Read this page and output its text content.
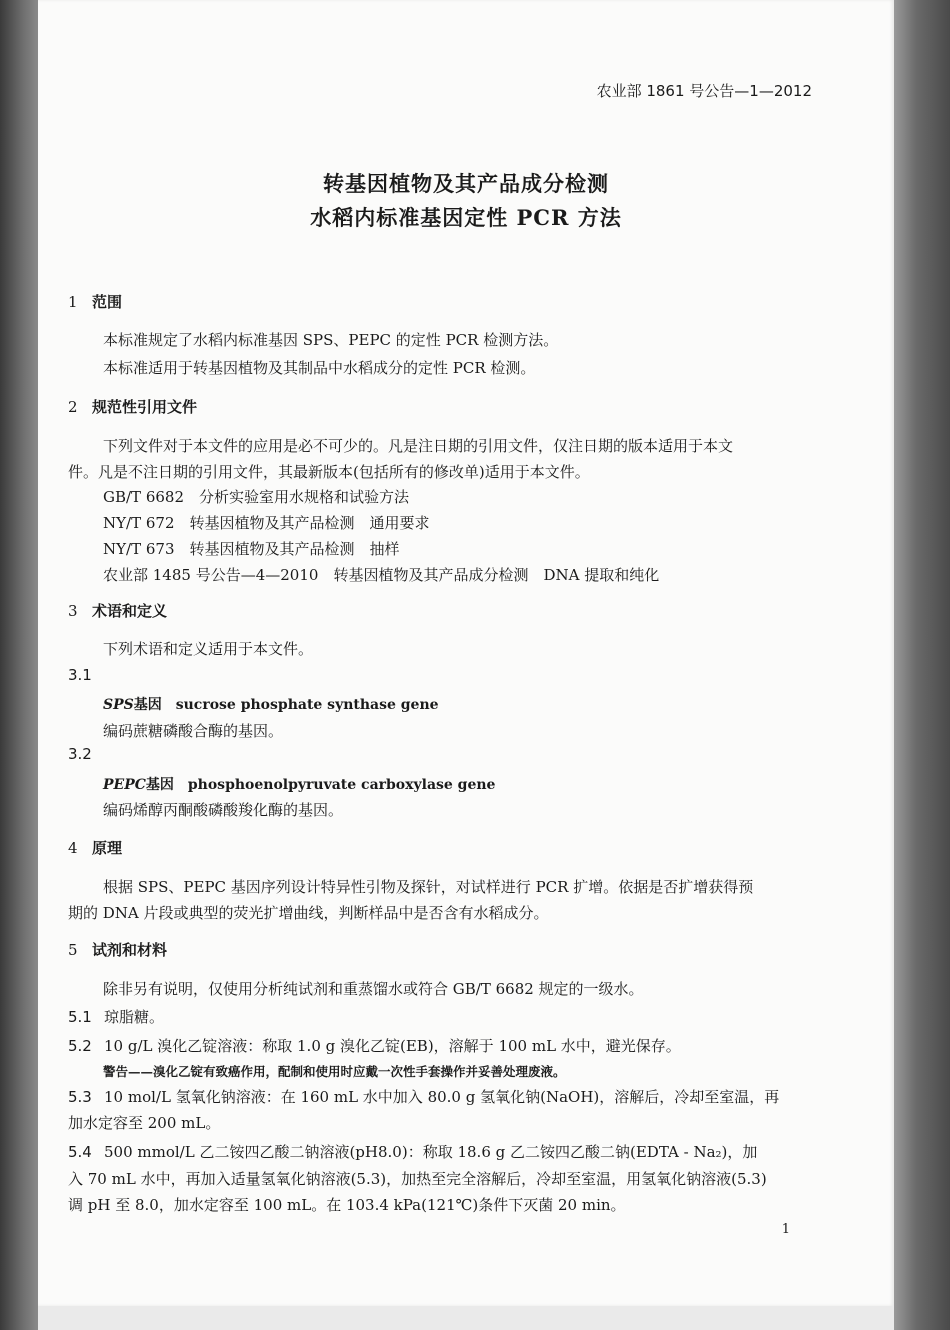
农业部 1861 号公告—1—2012
转基因植物及其产品成分检测
水稻内标准基因定性 PCR 方法
1 范围
本标准规定了水稻内标准基因 SPS、PEPC 的定性 PCR 检测方法。
本标准适用于转基因植物及其制品中水稻成分的定性 PCR 检测。
2 规范性引用文件
下列文件对于本文件的应用是必不可少的。凡是注日期的引用文件，仅注日期的版本适用于本文
件。凡是不注日期的引用文件，其最新版本(包括所有的修改单)适用于本文件。
GB/T 6682　 分析实验室用水规格和试验方法
NY/T 672　 转基因植物及其产品检测　通用要求
NY/T 673　 转基因植物及其产品检测　抽样
农业部 1485 号公告—4—2010　 转基因植物及其产品成分检测　DNA 提取和纯化
3 术语和定义
下列术语和定义适用于本文件。
3.1
SPS基因　 sucrose phosphate synthase gene
编码蔗糖磷酸合酶的基因。
3.2
PEPC基因　 phosphoenolpyruvate carboxylase gene
编码烯醇丙酮酸磷酸羧化酶的基因。
4 原理
根据 SPS、PEPC 基因序列设计特异性引物及探针，对试样进行 PCR 扩增。依据是否扩增获得预
期的 DNA 片段或典型的荧光扩增曲线，判断样品中是否含有水稻成分。
5 试剂和材料
除非另有说明，仅使用分析纯试剂和重蒸馏水或符合 GB/T 6682 规定的一级水。
5.1 琼脂糖。
5.2 10 g/L 溴化乙锭溶液：称取 1.0 g 溴化乙锭(EB)，溶解于 100 mL 水中，避光保存。
警告——溴化乙锭有致癌作用，配制和使用时应戴一次性手套操作并妥善处理废液。
5.3 10 mol/L 氢氧化钠溶液：在 160 mL 水中加入 80.0 g 氢氧化钠(NaOH)，溶解后，冷却至室温，再
加水定容至 200 mL。
5.4 500 mmol/L 乙二铵四乙酸二钠溶液(pH8.0)：称取 18.6 g 乙二铵四乙酸二钠(EDTA - Na₂)，加
入 70 mL 水中，再加入适量氢氧化钠溶液(5.3)，加热至完全溶解后，冷却至室温，用氢氧化钠溶液(5.3)
调 pH 至 8.0，加水定容至 100 mL。在 103.4 kPa(121℃)条件下灭菌 20 min。
1
